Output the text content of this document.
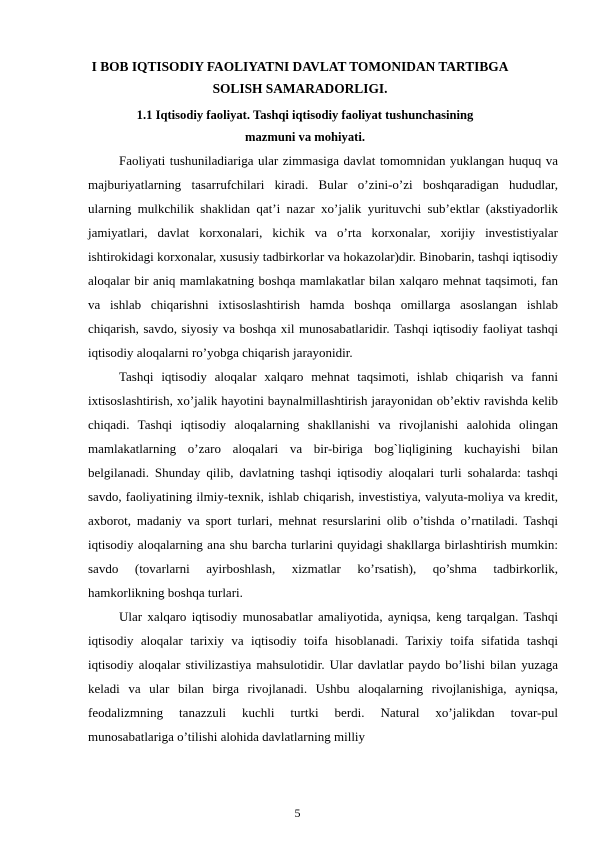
I BOB IQTISODIY FAOLIYATNI DAVLAT TOMONIDAN TARTIBGA SOLISH SAMARADORLIGI.
1.1 Iqtisodiy faoliyat. Tashqi iqtisodiy faoliyat tushunchasining mazmuni va mohiyati.

Faoliyati tushuniladiariga ular zimmasiga davlat tomomnidan yuklangan huquq va majburiyatlarning tasarrufchilari kiradi. Bular o’zini-o’zi boshqaradigan hududlar, ularning mulkchilik shaklidan qat’i nazar xo’jalik yurituvchi sub’ektlar (akstiyadorlik jamiyatlari, davlat korxonalari, kichik va o’rta korxonalar, xorijiy investistiyalar ishtirokidagi korxonalar, xususiy tadbirkorlar va hokazolar)dir. Binobarin, tashqi iqtisodiy aloqalar bir aniq mamlakatning boshqa mamlakatlar bilan xalqaro mehnat taqsimoti, fan va ishlab chiqarishni ixtisoslashtirish hamda boshqa omillarga asoslangan ishlab chiqarish, savdo, siyosiy va boshqa xil munosabatlaridir. Tashqi iqtisodiy faoliyat tashqi iqtisodiy aloqalarni ro’yobga chiqarish jarayonidir.

Tashqi iqtisodiy aloqalar xalqaro mehnat taqsimoti, ishlab chiqarish va fanni ixtisoslashtirish, xo’jalik hayotini baynalmillashtirish jarayonidan ob’ektiv ravishda kelib chiqadi. Tashqi iqtisodiy aloqalarning shakllanishi va rivojlanishi aalohida olingan mamlakatlarning o’zaro aloqalari va bir-biriga bog`liqligining kuchayishi bilan belgilanadi. Shunday qilib, davlatning tashqi iqtisodiy aloqalari turli sohalarda: tashqi savdo, faoliyatining ilmiy-texnik, ishlab chiqarish, investistiya, valyuta-moliya va kredit, axborot, madaniy va sport turlari, mehnat resurslarini olib o’tishda o’rnatiladi. Tashqi iqtisodiy aloqalarning ana shu barcha turlarini quyidagi shakllarga birlashtirish mumkin: savdo (tovarlarni ayirboshlash, xizmatlar ko’rsatish), qo’shma tadbirkorlik, hamkorlikning boshqa turlari.

Ular xalqaro iqtisodiy munosabatlar amaliyotida, ayniqsa, keng tarqalgan. Tashqi iqtisodiy aloqalar tarixiy va iqtisodiy toifa hisoblanadi. Tarixiy toifa sifatida tashqi iqtisodiy aloqalar stivilizastiya mahsulotidir. Ular davlatlar paydo bo’lishi bilan yuzaga keladi va ular bilan birga rivojlanadi. Ushbu aloqalarning rivojlanishiga, ayniqsa, feodalizmning tanazzuli kuchli turtki berdi. Natural xo’jalikdan tovar-pul munosabatlariga o’tilishi alohida davlatlarning milliy

5
